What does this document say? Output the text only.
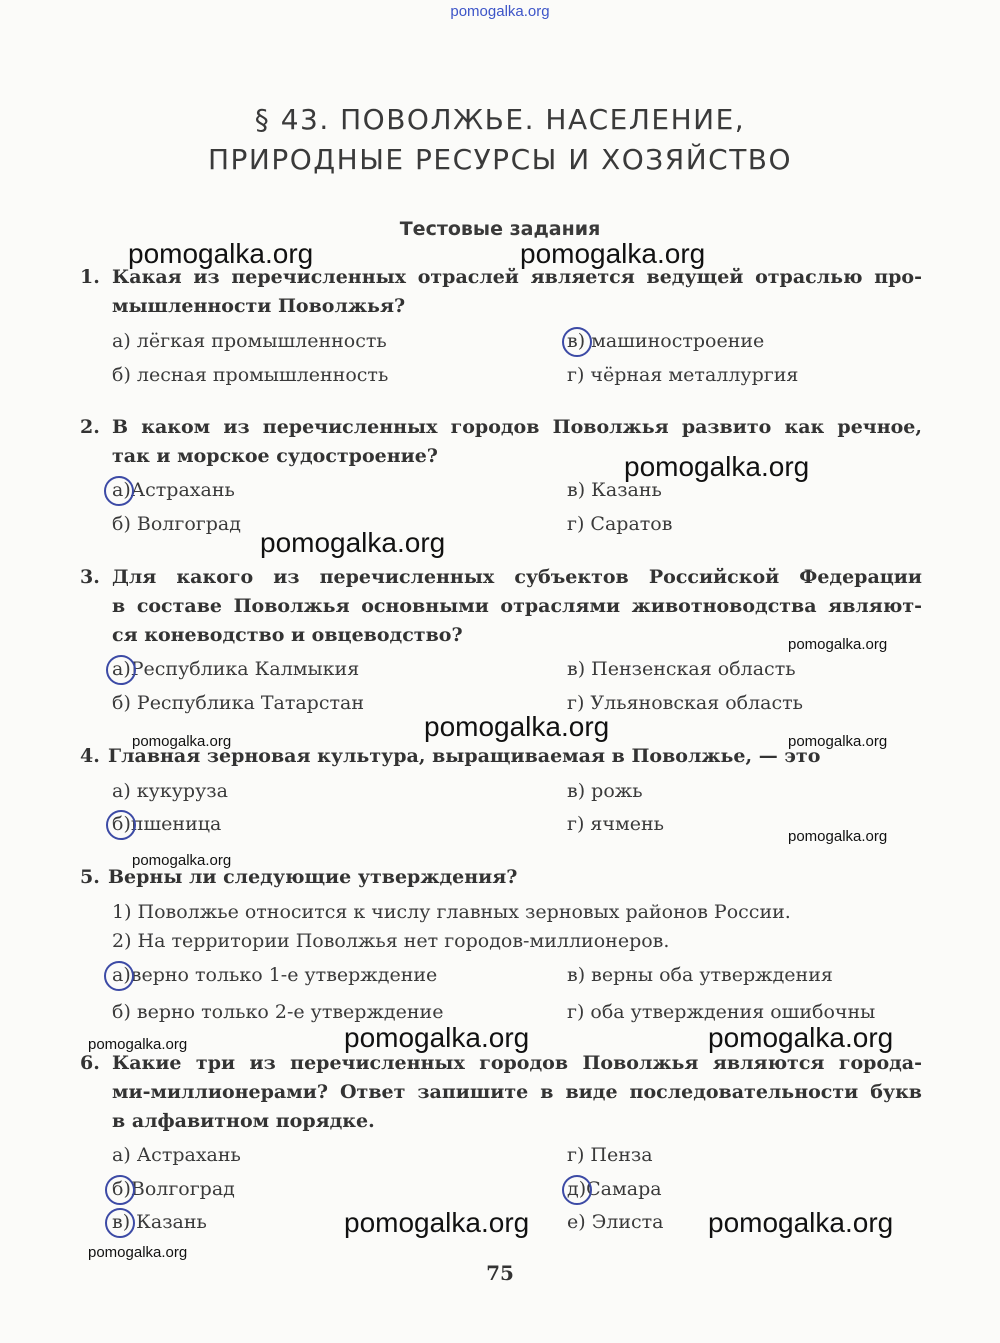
pomogalka.org
§ 43. ПОВОЛЖЬЕ. НАСЕЛЕНИЕ,
ПРИРОДНЫЕ РЕСУРСЫ И ХОЗЯЙСТВО
Тестовые задания
1. Какая из перечисленных отраслей является ведущей отраслью про-
мышленности Поволжья?
а) лёгкая промышленность
б) лесная промышленность
в) машиностроение
г) чёрная металлургия
2. В каком из перечисленных городов Поволжья развито как речное,
так и морское судостроение?
а)Астрахань
б) Волгоград
в) Казань
г) Саратов
3. Для какого из перечисленных субъектов Российской Федерации
в составе Поволжья основными отраслями животноводства являют-
ся коневодство и овцеводство?
а)Республика Калмыкия
б) Республика Татарстан
в) Пензенская область
г) Ульяновская область
4. Главная зерновая культура, выращиваемая в Поволжье, — это
а) кукуруза
б)пшеница
в) рожь
г) ячмень
5. Верны ли следующие утверждения?
1) Поволжье относится к числу главных зерновых районов России.
2) На территории Поволжья нет городов-миллионеров.
а)верно только 1-е утверждение
б) верно только 2-е утверждение
в) верны оба утверждения
г) оба утверждения ошибочны
6. Какие три из перечисленных городов Поволжья являются города-
ми-миллионерами? Ответ запишите в виде последовательности букв
в алфавитном порядке.
а) Астрахань
б)Волгоград
в) Казань
г) Пенза
д)Самара
е) Элиста
pomogalka.org	pomogalka.org
pomogalka.org
pomogalka.org
pomogalka.org
pomogalka.org	pomogalka.org
pomogalka.org	pomogalka.org
pomogalka.org
pomogalka.org	pomogalka.org
pomogalka.org
pomogalka.org
pomogalka.org
pomogalka.org
75
